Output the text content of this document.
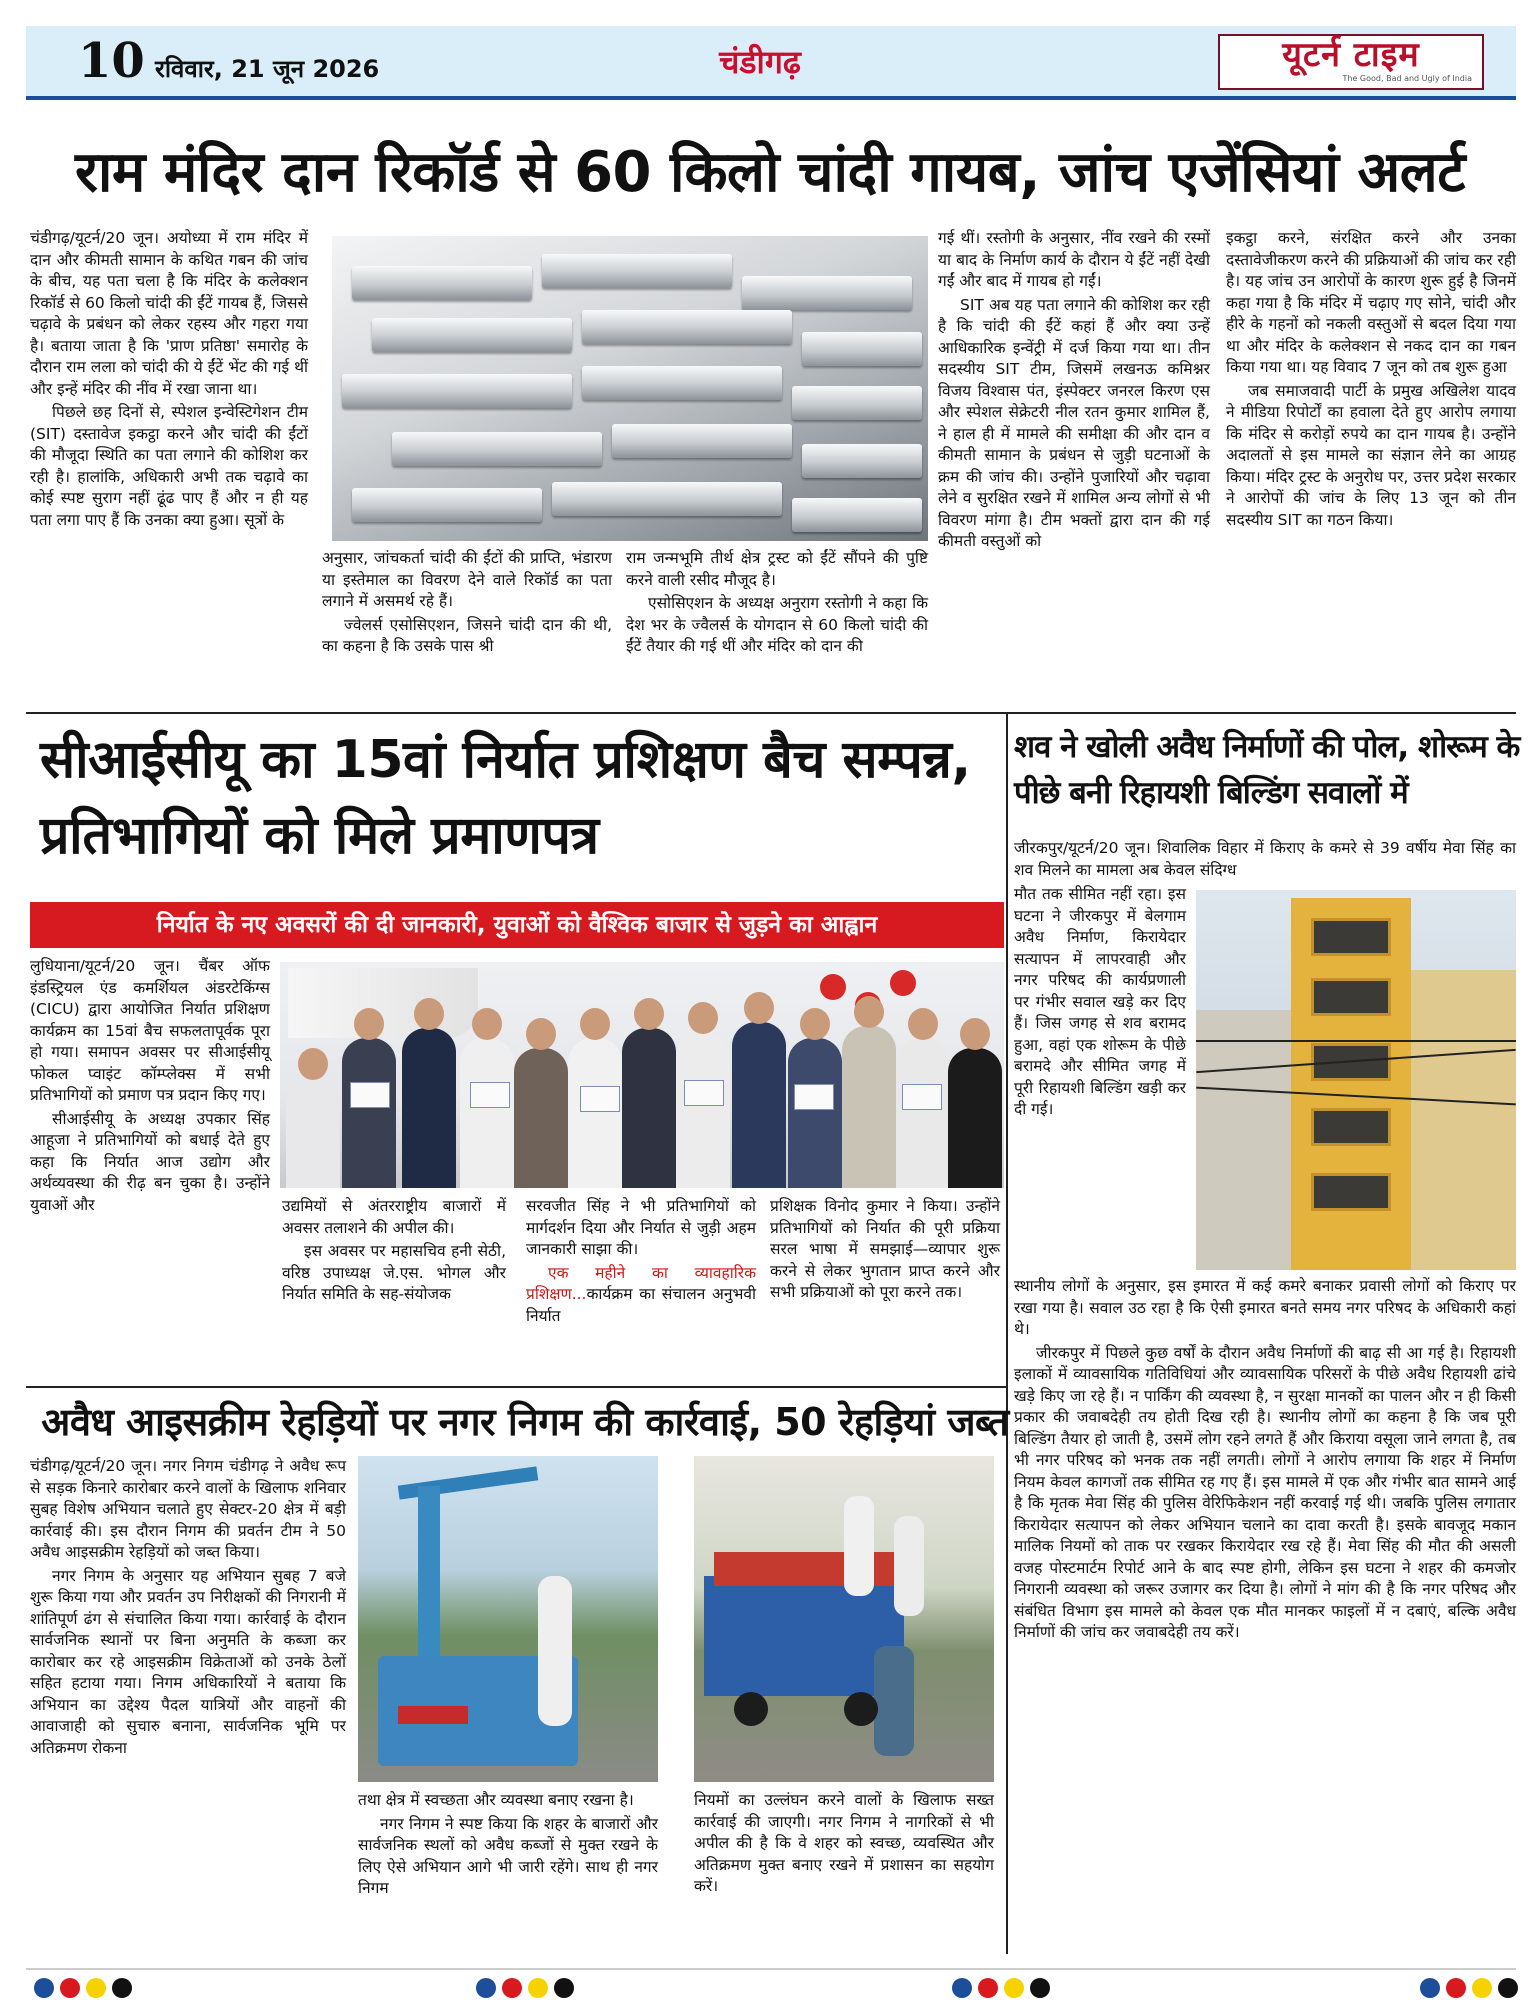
10 रविवार, 21 जून 2026	चंडीगढ़	यूटर्न टाइम
The Good, Bad and Ugly of India
राम मंदिर दान रिकॉर्ड से 60 किलो चांदी गायब, जांच एजेंसियां अलर्ट

चंडीगढ़/यूटर्न/20 जून। अयोध्या में राम मंदिर में दान और कीमती सामान के कथित गबन की जांच के बीच, यह पता चला है कि मंदिर के कलेक्शन रिकॉर्ड से 60 किलो चांदी की ईंटें गायब हैं, जिससे चढ़ावे के प्रबंधन को लेकर रहस्य और गहरा गया है। बताया जाता है कि 'प्राण प्रतिष्ठा' समारोह के दौरान राम लला को चांदी की ये ईंटें भेंट की गई थीं और इन्हें मंदिर की नींव में रखा जाना था।

पिछले छह दिनों से, स्पेशल इन्वेस्टिगेशन टीम (SIT) दस्तावेज इकट्ठा करने और चांदी की ईंटों की मौजूदा स्थिति का पता लगाने की कोशिश कर रही है। हालांकि, अधिकारी अभी तक चढ़ावे का कोई स्पष्ट सुराग नहीं ढूंढ पाए हैं और न ही यह पता लगा पाए हैं कि उनका क्या हुआ। सूत्रों के

अनुसार, जांचकर्ता चांदी की ईंटों की प्राप्ति, भंडारण या इस्तेमाल का विवरण देने वाले रिकॉर्ड का पता लगाने में असमर्थ रहे हैं।

ज्वेलर्स एसोसिएशन, जिसने चांदी दान की थी, का कहना है कि उसके पास श्री

राम जन्मभूमि तीर्थ क्षेत्र ट्रस्ट को ईंटें सौंपने की पुष्टि करने वाली रसीद मौजूद है।

एसोसिएशन के अध्यक्ष अनुराग रस्तोगी ने कहा कि देश भर के ज्वैलर्स के योगदान से 60 किलो चांदी की ईंटें तैयार की गई थीं और मंदिर को दान की

गई थीं। रस्तोगी के अनुसार, नींव रखने की रस्मों या बाद के निर्माण कार्य के दौरान ये ईंटें नहीं देखी गईं और बाद में गायब हो गईं।

SIT अब यह पता लगाने की कोशिश कर रही है कि चांदी की ईंटें कहां हैं और क्या उन्हें आधिकारिक इन्वेंट्री में दर्ज किया गया था। तीन सदस्यीय SIT टीम, जिसमें लखनऊ कमिश्नर विजय विश्वास पंत, इंस्पेक्टर जनरल किरण एस और स्पेशल सेक्रेटरी नील रतन कुमार शामिल हैं, ने हाल ही में मामले की समीक्षा की और दान व कीमती सामान के प्रबंधन से जुड़ी घटनाओं के क्रम की जांच की। उन्होंने पुजारियों और चढ़ावा लेने व सुरक्षित रखने में शामिल अन्य लोगों से भी विवरण मांगा है। टीम भक्तों द्वारा दान की गई कीमती वस्तुओं को

इकट्ठा करने, संरक्षित करने और उनका दस्तावेजीकरण करने की प्रक्रियाओं की जांच कर रही है। यह जांच उन आरोपों के कारण शुरू हुई है जिनमें कहा गया है कि मंदिर में चढ़ाए गए सोने, चांदी और हीरे के गहनों को नकली वस्तुओं से बदल दिया गया था और मंदिर के कलेक्शन से नकद दान का गबन किया गया था। यह विवाद 7 जून को तब शुरू हुआ

जब समाजवादी पार्टी के प्रमुख अखिलेश यादव ने मीडिया रिपोर्टों का हवाला देते हुए आरोप लगाया कि मंदिर से करोड़ों रुपये का दान गायब है। उन्होंने अदालतों से इस मामले का संज्ञान लेने का आग्रह किया। मंदिर ट्रस्ट के अनुरोध पर, उत्तर प्रदेश सरकार ने आरोपों की जांच के लिए 13 जून को तीन सदस्यीय SIT का गठन किया।

सीआईसीयू का 15वां निर्यात प्रशिक्षण बैच सम्पन्न, प्रतिभागियों को मिले प्रमाणपत्र
निर्यात के नए अवसरों की दी जानकारी, युवाओं को वैश्विक बाजार से जुड़ने का आह्वान

लुधियाना/यूटर्न/20 जून। चैंबर ऑफ इंडस्ट्रियल एंड कमर्शियल अंडरटेकिंग्स (CICU) द्वारा आयोजित निर्यात प्रशिक्षण कार्यक्रम का 15वां बैच सफलतापूर्वक पूरा हो गया। समापन अवसर पर सीआईसीयू फोकल प्वाइंट कॉम्प्लेक्स में सभी प्रतिभागियों को प्रमाण पत्र प्रदान किए गए।

सीआईसीयू के अध्यक्ष उपकार सिंह आहूजा ने प्रतिभागियों को बधाई देते हुए कहा कि निर्यात आज उद्योग और अर्थव्यवस्था की रीढ़ बन चुका है। उन्होंने युवाओं और	उद्यमियों से अंतरराष्ट्रीय बाजारों में अवसर तलाशने की अपील की।

इस अवसर पर महासचिव हनी सेठी, वरिष्ठ उपाध्यक्ष जे.एस. भोगल और निर्यात समिति के सह-संयोजक

सरवजीत सिंह ने भी प्रतिभागियों को मार्गदर्शन दिया और निर्यात से जुड़ी अहम जानकारी साझा की।

एक महीने का व्यावहारिक प्रशिक्षण...कार्यक्रम का संचालन अनुभवी निर्यात

प्रशिक्षक विनोद कुमार ने किया। उन्होंने प्रतिभागियों को निर्यात की पूरी प्रक्रिया सरल भाषा में समझाई—व्यापार शुरू करने से लेकर भुगतान प्राप्त करने और सभी प्रक्रियाओं को पूरा करने तक।

शव ने खोली अवैध निर्माणों की पोल, शोरूम के पीछे बनी रिहायशी बिल्डिंग सवालों में

जीरकपुर/यूटर्न/20 जून। शिवालिक विहार में किराए के कमरे से 39 वर्षीय मेवा सिंह का शव मिलने का मामला अब केवल संदिग्ध

मौत तक सीमित नहीं रहा। इस घटना ने जीरकपुर में बेलगाम अवैध निर्माण, किरायेदार सत्यापन में लापरवाही और नगर परिषद की कार्यप्रणाली पर गंभीर सवाल खड़े कर दिए हैं। जिस जगह से शव बरामद हुआ, वहां एक शोरूम के पीछे बरामदे और सीमित जगह में पूरी रिहायशी बिल्डिंग खड़ी कर दी गई।

स्थानीय लोगों के अनुसार, इस इमारत में कई कमरे बनाकर प्रवासी लोगों को किराए पर रखा गया है। सवाल उठ रहा है कि ऐसी इमारत बनते समय नगर परिषद के अधिकारी कहां थे।

जीरकपुर में पिछले कुछ वर्षों के दौरान अवैध निर्माणों की बाढ़ सी आ गई है। रिहायशी इलाकों में व्यावसायिक गतिविधियां और व्यावसायिक परिसरों के पीछे अवैध रिहायशी ढांचे खड़े किए जा रहे हैं। न पार्किंग की व्यवस्था है, न सुरक्षा मानकों का पालन और न ही किसी प्रकार की जवाबदेही तय होती दिख रही है। स्थानीय लोगों का कहना है कि जब पूरी बिल्डिंग तैयार हो जाती है, उसमें लोग रहने लगते हैं और किराया वसूला जाने लगता है, तब भी नगर परिषद को भनक तक नहीं लगती। लोगों ने आरोप लगाया कि शहर में निर्माण नियम केवल कागजों तक सीमित रह गए हैं। इस मामले में एक और गंभीर बात सामने आई है कि मृतक मेवा सिंह की पुलिस वेरिफिकेशन नहीं करवाई गई थी। जबकि पुलिस लगातार किरायेदार सत्यापन को लेकर अभियान चलाने का दावा करती है। इसके बावजूद मकान मालिक नियमों को ताक पर रखकर किरायेदार रख रहे हैं। मेवा सिंह की मौत की असली वजह पोस्टमार्टम रिपोर्ट आने के बाद स्पष्ट होगी, लेकिन इस घटना ने शहर की कमजोर निगरानी व्यवस्था को जरूर उजागर कर दिया है। लोगों ने मांग की है कि नगर परिषद और संबंधित विभाग इस मामले को केवल एक मौत मानकर फाइलों में न दबाएं, बल्कि अवैध निर्माणों की जांच कर जवाबदेही तय करें।

अवैध आइसक्रीम रेहड़ियों पर नगर निगम की कार्रवाई, 50 रेहड़ियां जब्त

चंडीगढ़/यूटर्न/20 जून। नगर निगम चंडीगढ़ ने अवैध रूप से सड़क किनारे कारोबार करने वालों के खिलाफ शनिवार सुबह विशेष अभियान चलाते हुए सेक्टर-20 क्षेत्र में बड़ी कार्रवाई की। इस दौरान निगम की प्रवर्तन टीम ने 50 अवैध आइसक्रीम रेहड़ियों को जब्त किया।

नगर निगम के अनुसार यह अभियान सुबह 7 बजे शुरू किया गया और प्रवर्तन उप निरीक्षकों की निगरानी में शांतिपूर्ण ढंग से संचालित किया गया। कार्रवाई के दौरान सार्वजनिक स्थानों पर बिना अनुमति के कब्जा कर कारोबार कर रहे आइसक्रीम विक्रेताओं को उनके ठेलों सहित हटाया गया। निगम अधिकारियों ने बताया कि अभियान का उद्देश्य पैदल यात्रियों और वाहनों की आवाजाही को सुचारु बनाना, सार्वजनिक भूमि पर अतिक्रमण रोकना

तथा क्षेत्र में स्वच्छता और व्यवस्था बनाए रखना है।

नगर निगम ने स्पष्ट किया कि शहर के बाजारों और सार्वजनिक स्थलों को अवैध कब्जों से मुक्त रखने के लिए ऐसे अभियान आगे भी जारी रहेंगे। साथ ही नगर निगम

नियमों का उल्लंघन करने वालों के खिलाफ सख्त कार्रवाई की जाएगी। नगर निगम ने नागरिकों से भी अपील की है कि वे शहर को स्वच्छ, व्यवस्थित और अतिक्रमण मुक्त बनाए रखने में प्रशासन का सहयोग करें।
